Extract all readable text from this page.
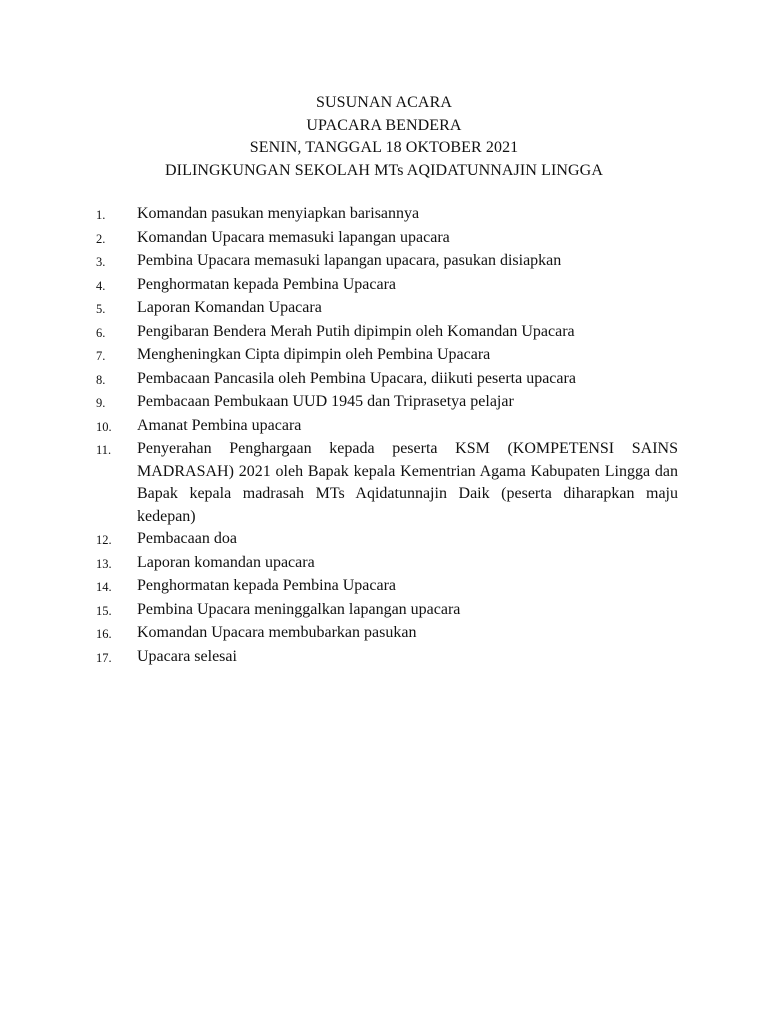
SUSUNAN ACARA
UPACARA BENDERA
SENIN, TANGGAL 18 OKTOBER 2021
DILINGKUNGAN SEKOLAH MTs AQIDATUNNAJIN LINGGA
1.	Komandan pasukan menyiapkan barisannya
2.	Komandan Upacara memasuki lapangan upacara
3.	Pembina Upacara memasuki lapangan upacara, pasukan disiapkan
4.	Penghormatan kepada Pembina Upacara
5.	Laporan Komandan Upacara
6.	Pengibaran Bendera Merah Putih dipimpin oleh Komandan Upacara
7.	Mengheningkan Cipta dipimpin oleh Pembina Upacara
8.	Pembacaan Pancasila oleh Pembina Upacara, diikuti peserta upacara
9.	Pembacaan Pembukaan UUD 1945 dan Triprasetya pelajar
10.	Amanat Pembina upacara
11.	Penyerahan Penghargaan kepada peserta KSM (KOMPETENSI SAINS MADRASAH) 2021 oleh Bapak kepala Kementrian Agama Kabupaten Lingga dan Bapak kepala madrasah MTs Aqidatunnajin Daik (peserta diharapkan maju kedepan)
12.	Pembacaan doa
13.	Laporan komandan upacara
14.	Penghormatan kepada Pembina Upacara
15.	Pembina Upacara meninggalkan lapangan upacara
16.	Komandan Upacara membubarkan pasukan
17.	Upacara selesai
